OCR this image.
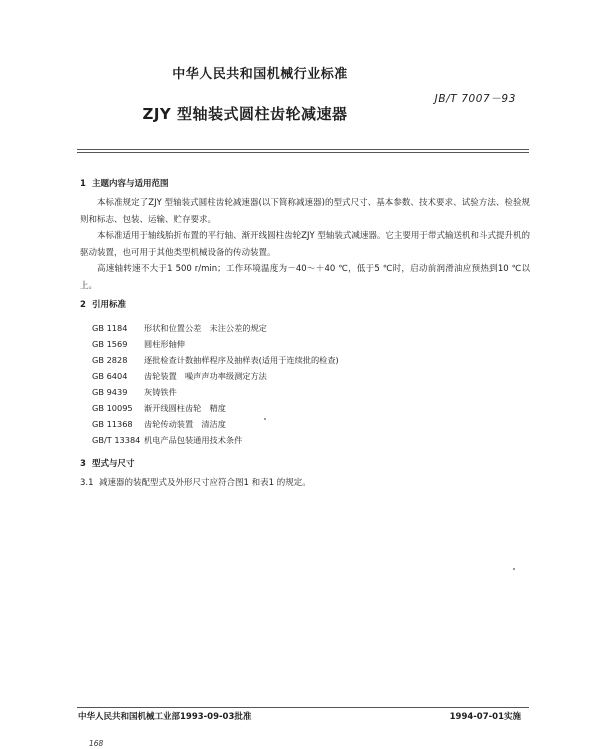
中华人民共和国机械行业标准

JB/T 7007－93

ZJY 型轴装式圆柱齿轮减速器

1 主题内容与适用范围

本标准规定了ZJY 型轴装式圆柱齿轮减速器(以下简称减速器)的型式尺寸、基本参数、技术要求、试验方法、检验规则和标志、包装、运输、贮存要求。

本标准适用于轴线胎折布置的平行轴、渐开线圆柱齿轮ZJY 型轴装式减速器。它主要用于带式输送机和斗式提升机的驱动装置，也可用于其他类型机械设备的传动装置。

高速轴转速不大于1 500 r/min；工作环境温度为－40～＋40 ℃，低于5 ℃时，启动前润滑油应预热到10 ℃以上。

2 引用标准

GB 1184 形状和位置公差　未注公差的规定
GB 1569 圆柱形轴伸
GB 2828 逐批检查计数抽样程序及抽样表(适用于连续批的检查)
GB 6404 齿轮装置　噪声声功率级测定方法
GB 9439 灰铸铁件
GB 10095 渐开线圆柱齿轮　精度
GB 11368 齿轮传动装置　清洁度
GB/T 13384 机电产品包装通用技术条件

3 型式与尺寸

3.1 减速器的装配型式及外形尺寸应符合图1 和表1 的规定。

中华人民共和国机械工业部1993-09-03批准	1994-07-01实施

168
